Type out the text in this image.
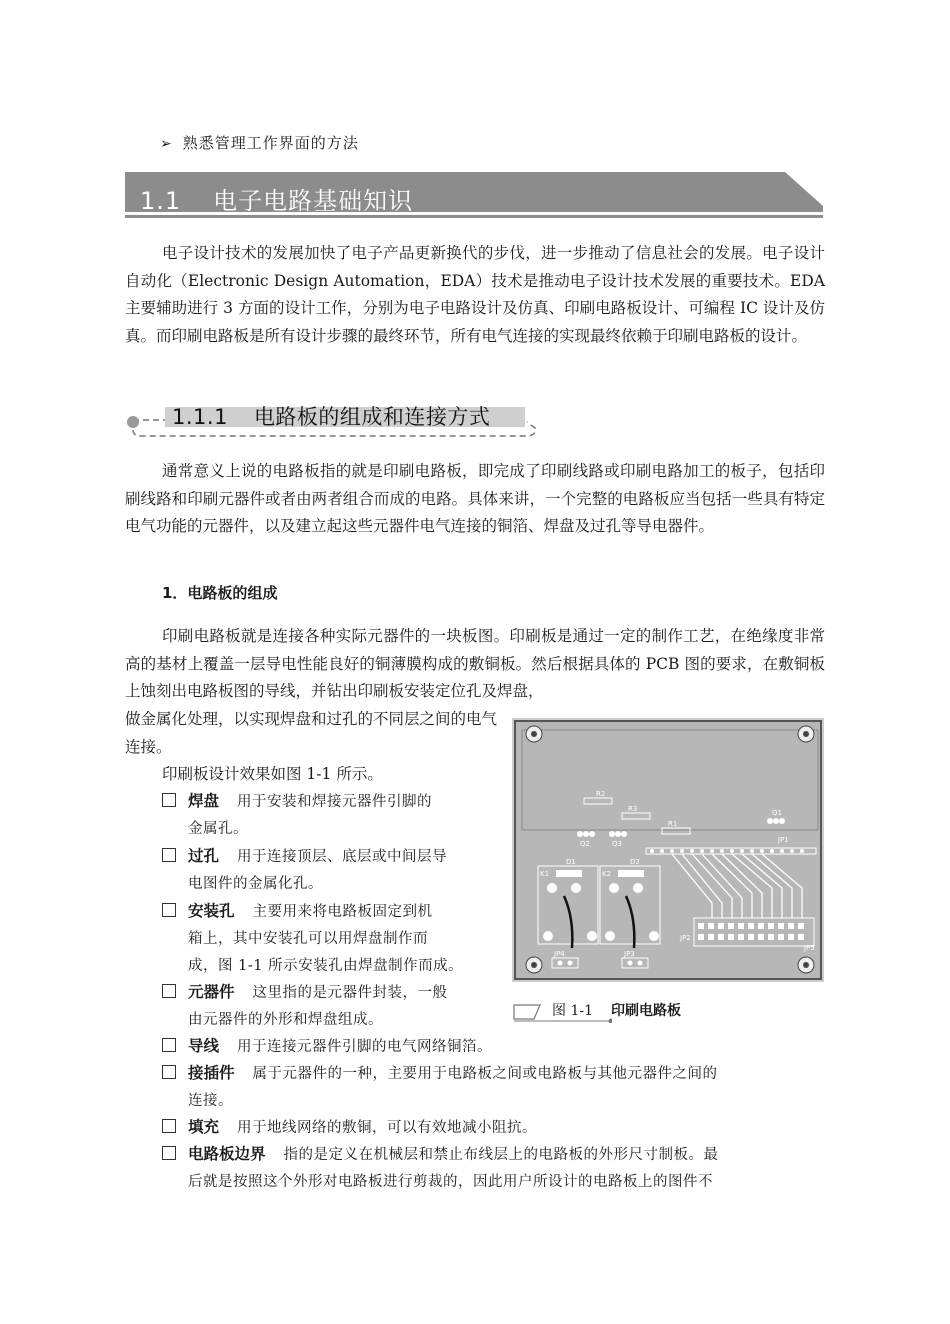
➢ 熟悉管理工作界面的方法
1.1 电子电路基础知识

电子设计技术的发展加快了电子产品更新换代的步伐，进一步推动了信息社会的发展。电子设计自动化（Electronic Design Automation，EDA）技术是推动电子设计技术发展的重要技术。EDA 主要辅助进行 3 方面的设计工作，分别为电子电路设计及仿真、印刷电路板设计、可编程 IC 设计及仿真。而印刷电路板是所有设计步骤的最终环节，所有电气连接的实现最终依赖于印刷电路板的设计。

1.1.1 电路板的组成和连接方式

通常意义上说的电路板指的就是印刷电路板，即完成了印刷线路或印刷电路加工的板子，包括印刷线路和印刷元器件或者由两者组合而成的电路。具体来讲，一个完整的电路板应当包括一些具有特定电气功能的元器件，以及建立起这些元器件电气连接的铜箔、焊盘及过孔等导电器件。

1．电路板的组成

印刷电路板就是连接各种实际元器件的一块板图。印刷板是通过一定的制作工艺，在绝缘度非常高的基材上覆盖一层导电性能良好的铜薄膜构成的敷铜板。然后根据具体的 PCB 图的要求，在敷铜板上蚀刻出电路板图的导线，并钻出印刷板安装定位孔及焊盘，

做金属化处理，以实现焊盘和过孔的不同层之间的电气连接。

印刷板设计效果如图 1-1 所示。

焊盘 用于安装和焊接元器件引脚的
金属孔。
过孔 用于连接顶层、底层或中间层导
电图件的金属化孔。
安装孔 主要用来将电路板固定到机
箱上，其中安装孔可以用焊盘制作而
成，图 1-1 所示安装孔由焊盘制作而成。
元器件 这里指的是元器件封装，一般
由元器件的外形和焊盘组成。
导线 用于连接元器件引脚的电气网络铜箔。
接插件 属于元器件的一种，主要用于电路板之间或电路板与其他元器件之间的
连接。
填充 用于地线网络的敷铜，可以有效地减小阻抗。
电路板边界 指的是定义在机械层和禁止布线层上的电路板的外形尺寸制板。最
后就是按照这个外形对电路板进行剪裁的，因此用户所设计的电路板上的图件不
R2
R3
R1
Q2	Q3
Q1
JP1
D1
K1
D2
K2
JP2
JP4	JP3
JP5
图 1-1 印刷电路板
